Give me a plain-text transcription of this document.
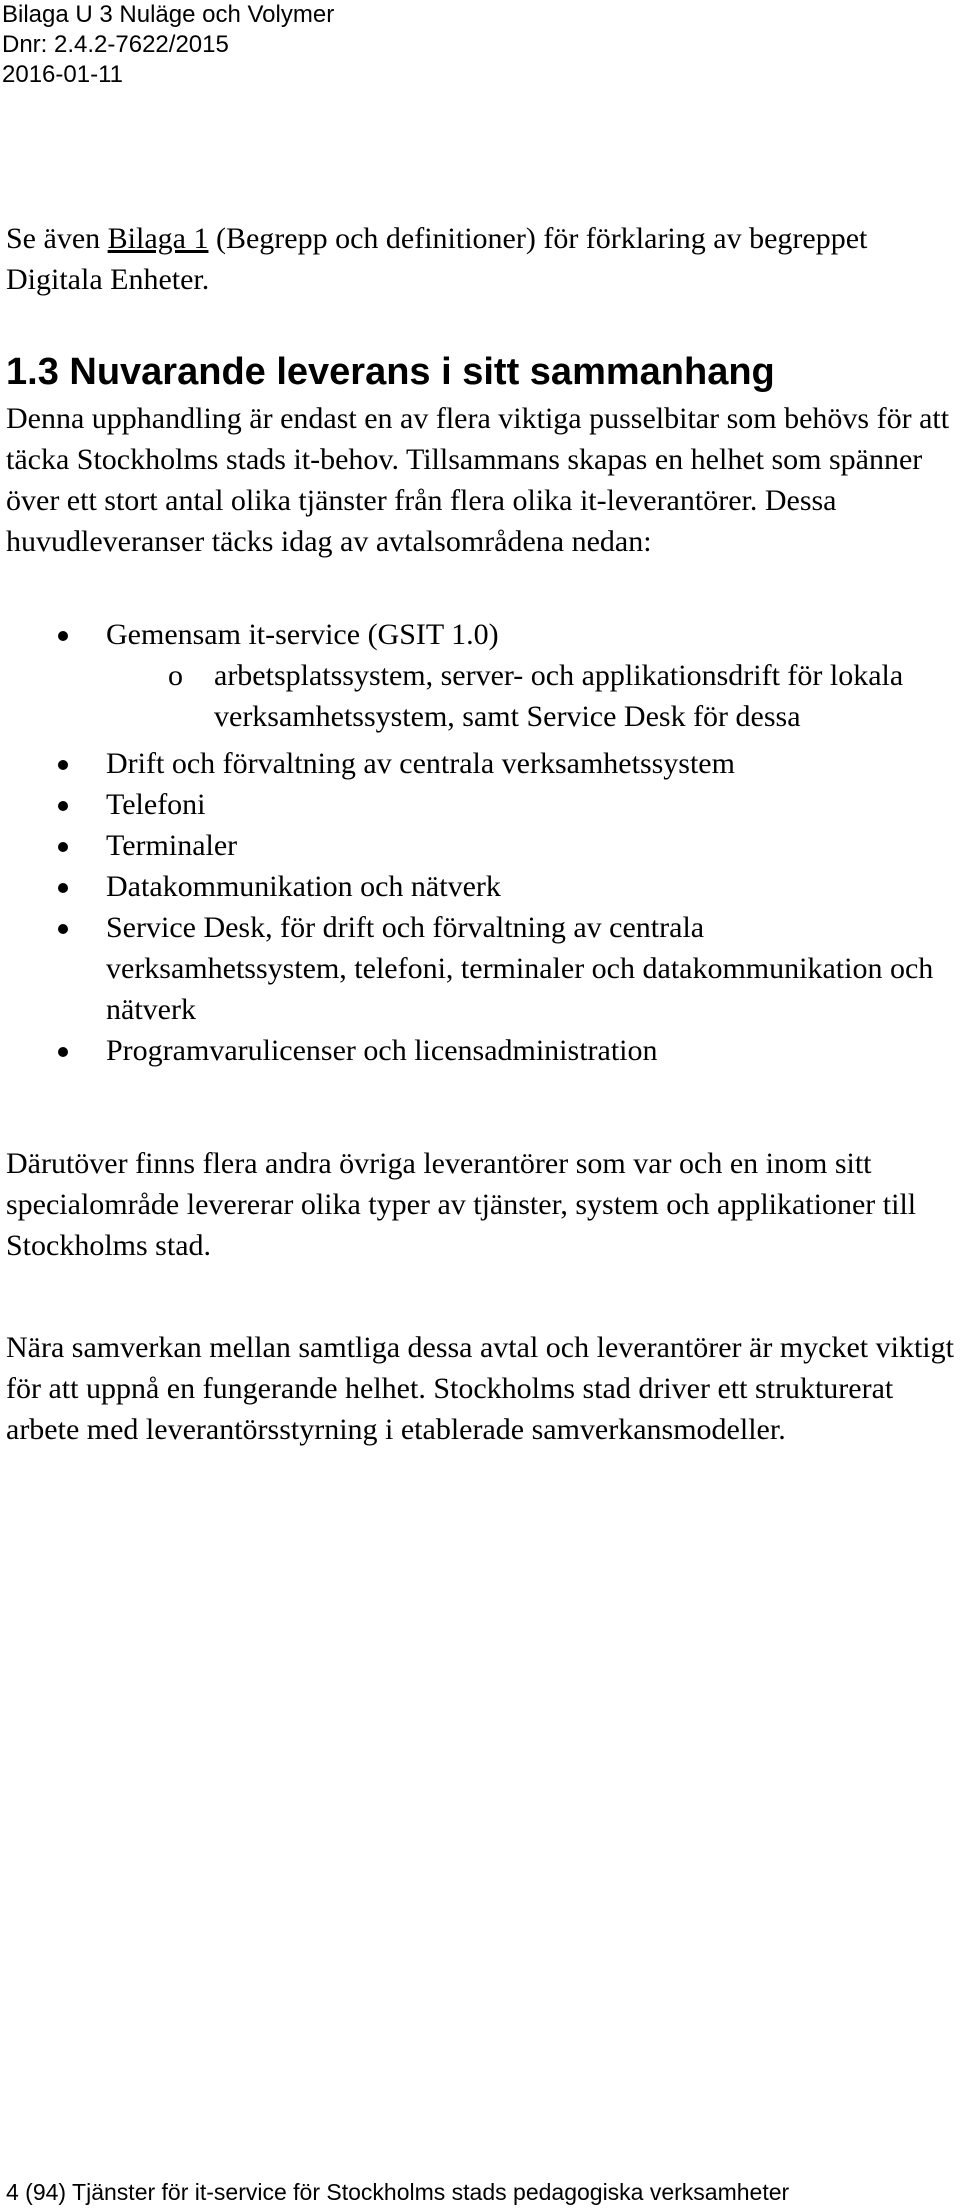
Bilaga U 3 Nuläge och Volymer
Dnr: 2.4.2-7622/2015
2016-01-11

Se även Bilaga 1 (Begrepp och definitioner) för förklaring av begreppet Digitala Enheter.

1.3 Nuvarande leverans i sitt sammanhang

Denna upphandling är endast en av flera viktiga pusselbitar som behövs för att täcka Stockholms stads it-behov. Tillsammans skapas en helhet som spänner över ett stort antal olika tjänster från flera olika it-leverantörer. Dessa huvudleveranser täcks idag av avtalsområdena nedan:

Gemensam it-service (GSIT 1.0)
o arbetsplatssystem, server- och applikationsdrift för lokala verksamhetssystem, samt Service Desk för dessa
Drift och förvaltning av centrala verksamhetssystem
Telefoni
Terminaler
Datakommunikation och nätverk
Service Desk, för drift och förvaltning av centrala verksamhetssystem, telefoni, terminaler och datakommunikation och nätverk
Programvarulicenser och licensadministration

Därutöver finns flera andra övriga leverantörer som var och en inom sitt specialområde levererar olika typer av tjänster, system och applikationer till Stockholms stad.

Nära samverkan mellan samtliga dessa avtal och leverantörer är mycket viktigt för att uppnå en fungerande helhet. Stockholms stad driver ett strukturerat arbete med leverantörsstyrning i etablerade samverkansmodeller.

4 (94) Tjänster för it-service för Stockholms stads pedagogiska verksamheter
